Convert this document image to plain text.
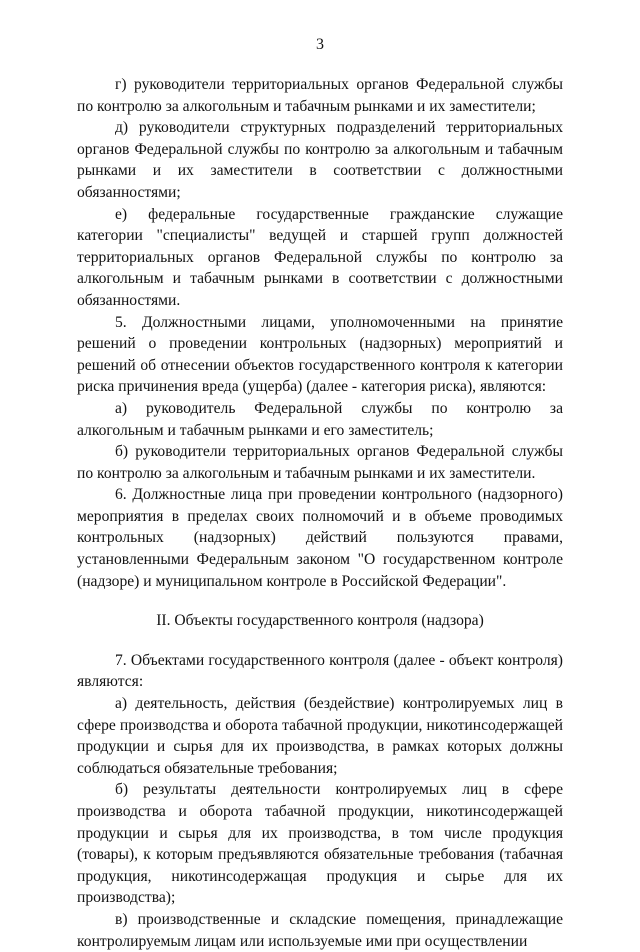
3

г) руководители территориальных органов Федеральной службы по контролю за алкогольным и табачным рынками и их заместители;

д) руководители структурных подразделений территориальных органов Федеральной службы по контролю за алкогольным и табачным рынками и их заместители в соответствии с должностными обязанностями;

е) федеральные государственные гражданские служащие категории "специалисты" ведущей и старшей групп должностей территориальных органов Федеральной службы по контролю за алкогольным и табачным рынками в соответствии с должностными обязанностями.

5. Должностными лицами, уполномоченными на принятие решений о проведении контрольных (надзорных) мероприятий и решений об отнесении объектов государственного контроля к категории риска причинения вреда (ущерба) (далее - категория риска), являются:

а) руководитель Федеральной службы по контролю за алкогольным и табачным рынками и его заместитель;

б) руководители территориальных органов Федеральной службы по контролю за алкогольным и табачным рынками и их заместители.

6. Должностные лица при проведении контрольного (надзорного) мероприятия в пределах своих полномочий и в объеме проводимых контрольных (надзорных) действий пользуются правами, установленными Федеральным законом "О государственном контроле (надзоре) и муниципальном контроле в Российской Федерации".

II. Объекты государственного контроля (надзора)

7. Объектами государственного контроля (далее - объект контроля) являются:

а) деятельность, действия (бездействие) контролируемых лиц в сфере производства и оборота табачной продукции, никотинсодержащей продукции и сырья для их производства, в рамках которых должны соблюдаться обязательные требования;

б) результаты деятельности контролируемых лиц в сфере производства и оборота табачной продукции, никотинсодержащей продукции и сырья для их производства, в том числе продукция (товары), к которым предъявляются обязательные требования (табачная продукция, никотинсодержащая продукция и сырье для их производства);

в) производственные и складские помещения, принадлежащие контролируемым лицам или используемые ими при осуществлении
